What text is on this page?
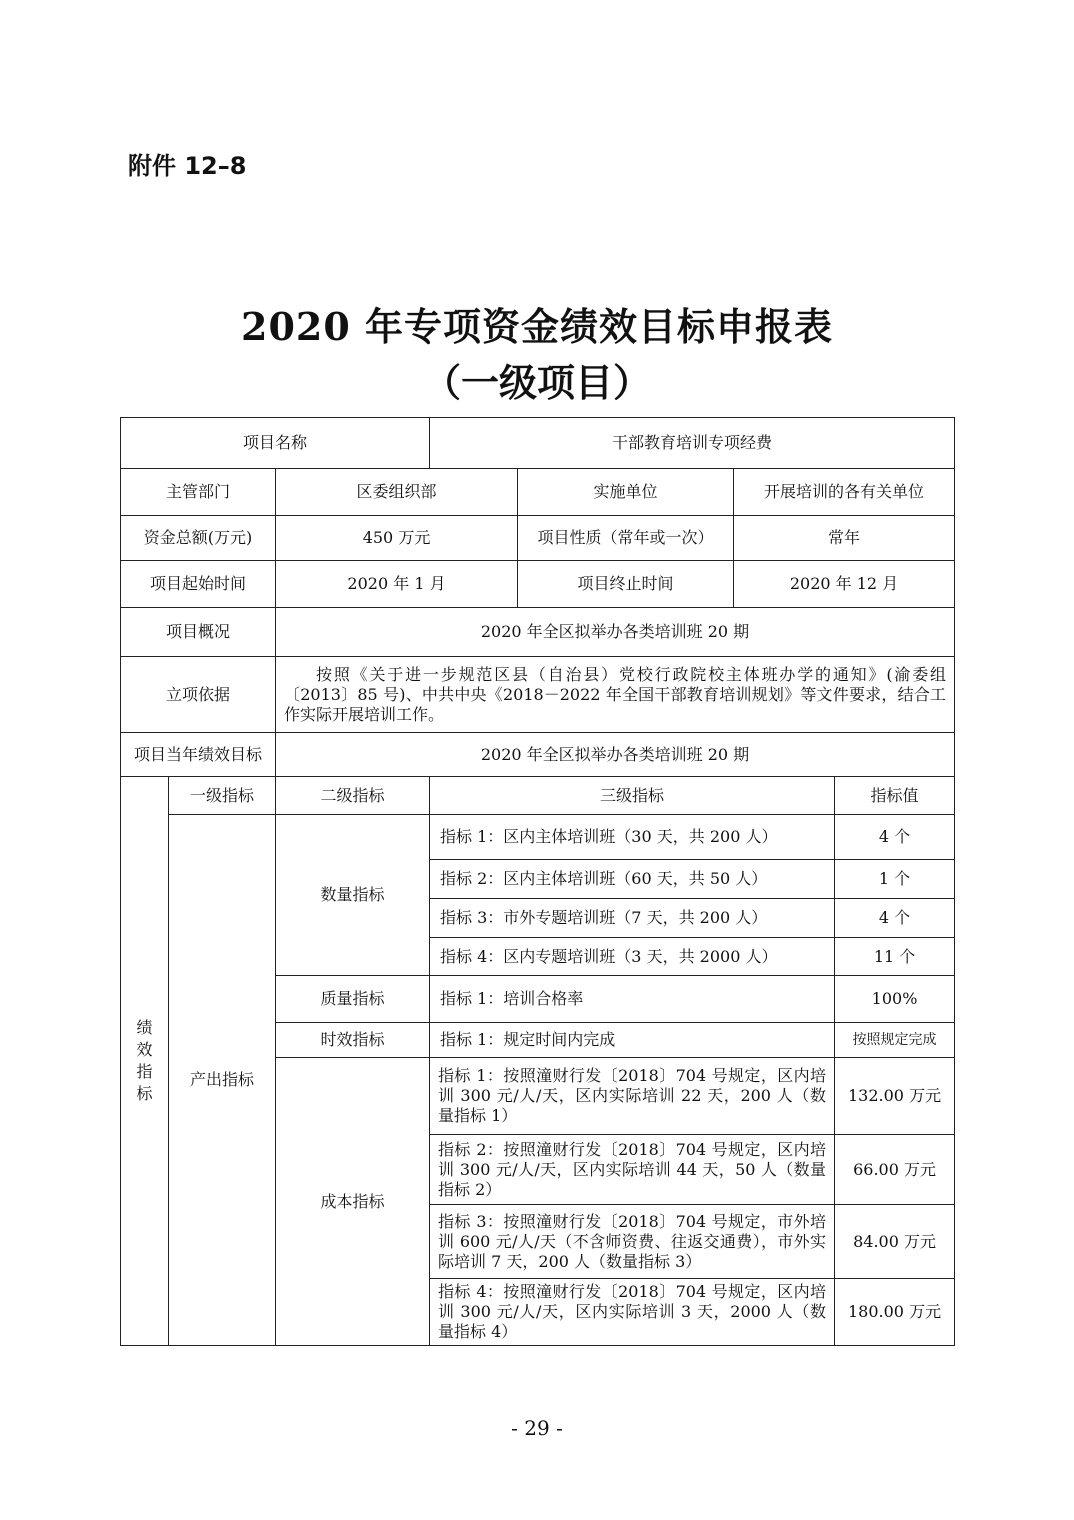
附件 12–8
2020 年专项资金绩效目标申报表
（一级项目）
项目名称			干部教育培训专项经费			
主管部门		区委组织部		实施单位	开展培训的各有关单位	
资金总额(万元)		450 万元		项目性质（常年或一次）	常年	
项目起始时间		2020 年 1 月		项目终止时间	2020 年 12 月	
项目概况		2020 年全区拟举办各类培训班 20 期				
立项依据		按照《关于进一步规范区县（自治县）党校行政院校主体班办学的通知》(渝委组〔2013〕85 号)、中共中央《2018－2022 年全国干部教育培训规划》等文件要求，结合工作实际开展培训工作。				
项目当年绩效目标		2020 年全区拟举办各类培训班 20 期				
绩效指标	一级指标	二级指标	三级指标			指标值
	产出指标	数量指标	指标 1：区内主体培训班（30 天，共 200 人）			4 个
			指标 2：区内主体培训班（60 天，共 50 人）			1 个
			指标 3：市外专题培训班（7 天，共 200 人）			4 个
			指标 4：区内专题培训班（3 天，共 2000 人）			11 个
		质量指标	指标 1：培训合格率			100%
		时效指标	指标 1：规定时间内完成			按照规定完成
		成本指标	指标 1：按照潼财行发〔2018〕704 号规定，区内培训 300 元/人/天，区内实际培训 22 天，200 人（数量指标 1）			132.00 万元
			指标 2：按照潼财行发〔2018〕704 号规定，区内培训 300 元/人/天，区内实际培训 44 天，50 人（数量指标 2）			66.00 万元
			指标 3：按照潼财行发〔2018〕704 号规定，市外培训 600 元/人/天（不含师资费、往返交通费），市外实际培训 7 天，200 人（数量指标 3）			84.00 万元
			指标 4：按照潼财行发〔2018〕704 号规定，区内培训 300 元/人/天，区内实际培训 3 天，2000 人（数量指标 4）			180.00 万元
- 29 -
